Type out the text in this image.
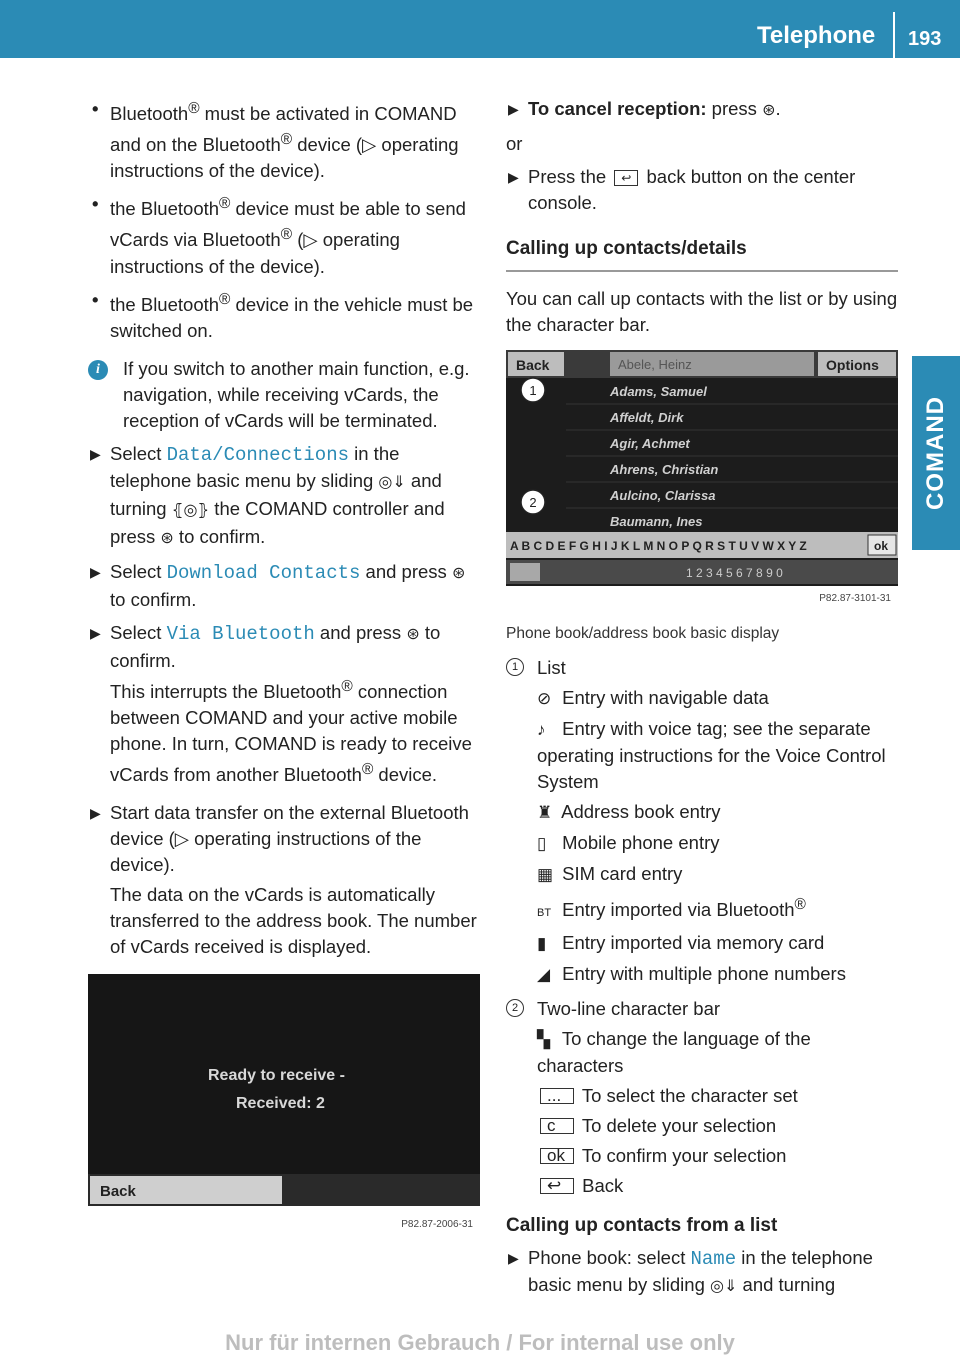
Telephone 193
COMAND
• Bluetooth® must be activated in COMAND and on the Bluetooth® device (▷ operating instructions of the device).
• the Bluetooth® device must be able to send vCards via Bluetooth® (▷ operating instructions of the device).
• the Bluetooth® device in the vehicle must be switched on.
i	If you switch to another main function, e.g. navigation, while receiving vCards, the reception of vCards will be terminated.
▶ Select Data/Connections in the telephone basic menu by sliding ◎⇓ and turning ⦃◎⦄ the COMAND controller and press ⊛ to confirm.
▶ Select Download Contacts and press ⊛ to confirm.
▶ Select Via Bluetooth and press ⊛ to confirm.
This interrupts the Bluetooth® connection between COMAND and your active mobile phone. In turn, COMAND is ready to receive vCards from another Bluetooth® device.
▶ Start data transfer on the external Bluetooth device (▷ operating instructions of the device).
The data on the vCards is automatically transferred to the address book. The number of vCards received is displayed.
Back
Ready to receive -
Received: 2
P82.87-2006-31
▶ To cancel reception: press ⊛.
or
▶ Press the ↩ back button on the center console.
Calling up contacts/details
You can call up contacts with the list or by using the character bar.
Back	Abele, Heinz	Options
Adams, Samuel
Affeldt, Dirk
Agir, Achmet
Ahrens, Christian
Aulcino, Clarissa
Baumann, Ines
1
2
A B C D E F G H I J K L M N O P Q R S T U V W X Y Z	ok
1 2 3 4 5 6 7 8 9 0
P82.87-3101-31
Phone book/address book basic display
1	List
⊘ Entry with navigable data
♪ Entry with voice tag; see the separate operating instructions for the Voice Control System
♜ Address book entry
▯ Mobile phone entry
▦ SIM card entry
BT Entry imported via Bluetooth®
▮ Entry imported via memory card
◢ Entry with multiple phone numbers
2	Two-line character bar
▚ To change the language of the characters
... To select the character set
c To delete your selection
ok To confirm your selection
↩ Back
Calling up contacts from a list
▶ Phone book: select Name in the telephone basic menu by sliding ◎⇓ and turning
Nur für internen Gebrauch / For internal use only
